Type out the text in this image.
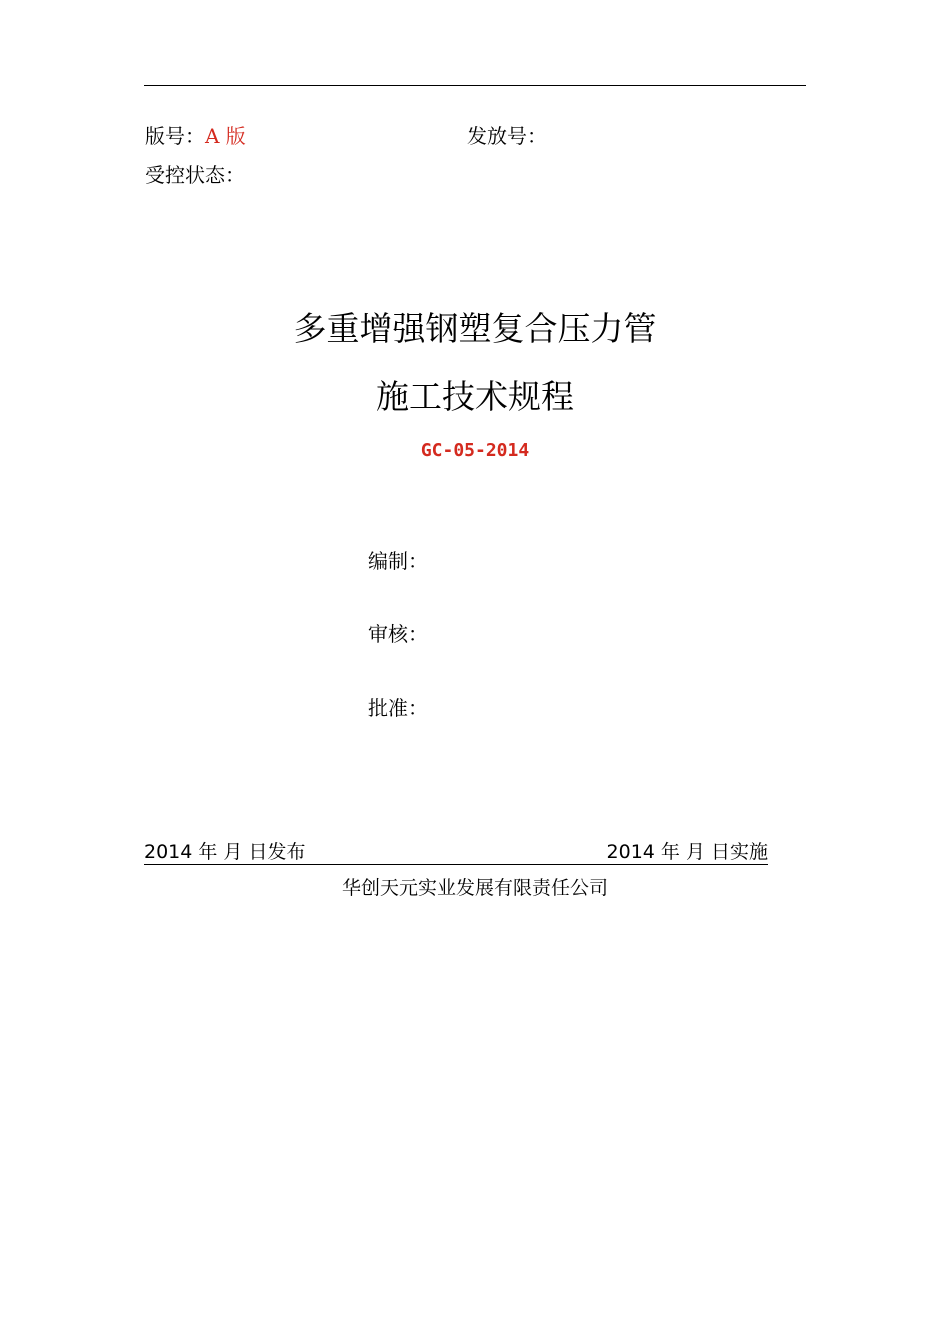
版号：A 版	发放号：
受控状态：
多重增强钢塑复合压力管
施工技术规程
GC-05-2014
编制：
审核：
批准：
2014 年 月 日发布	2014 年 月 日实施
华创天元实业发展有限责任公司
